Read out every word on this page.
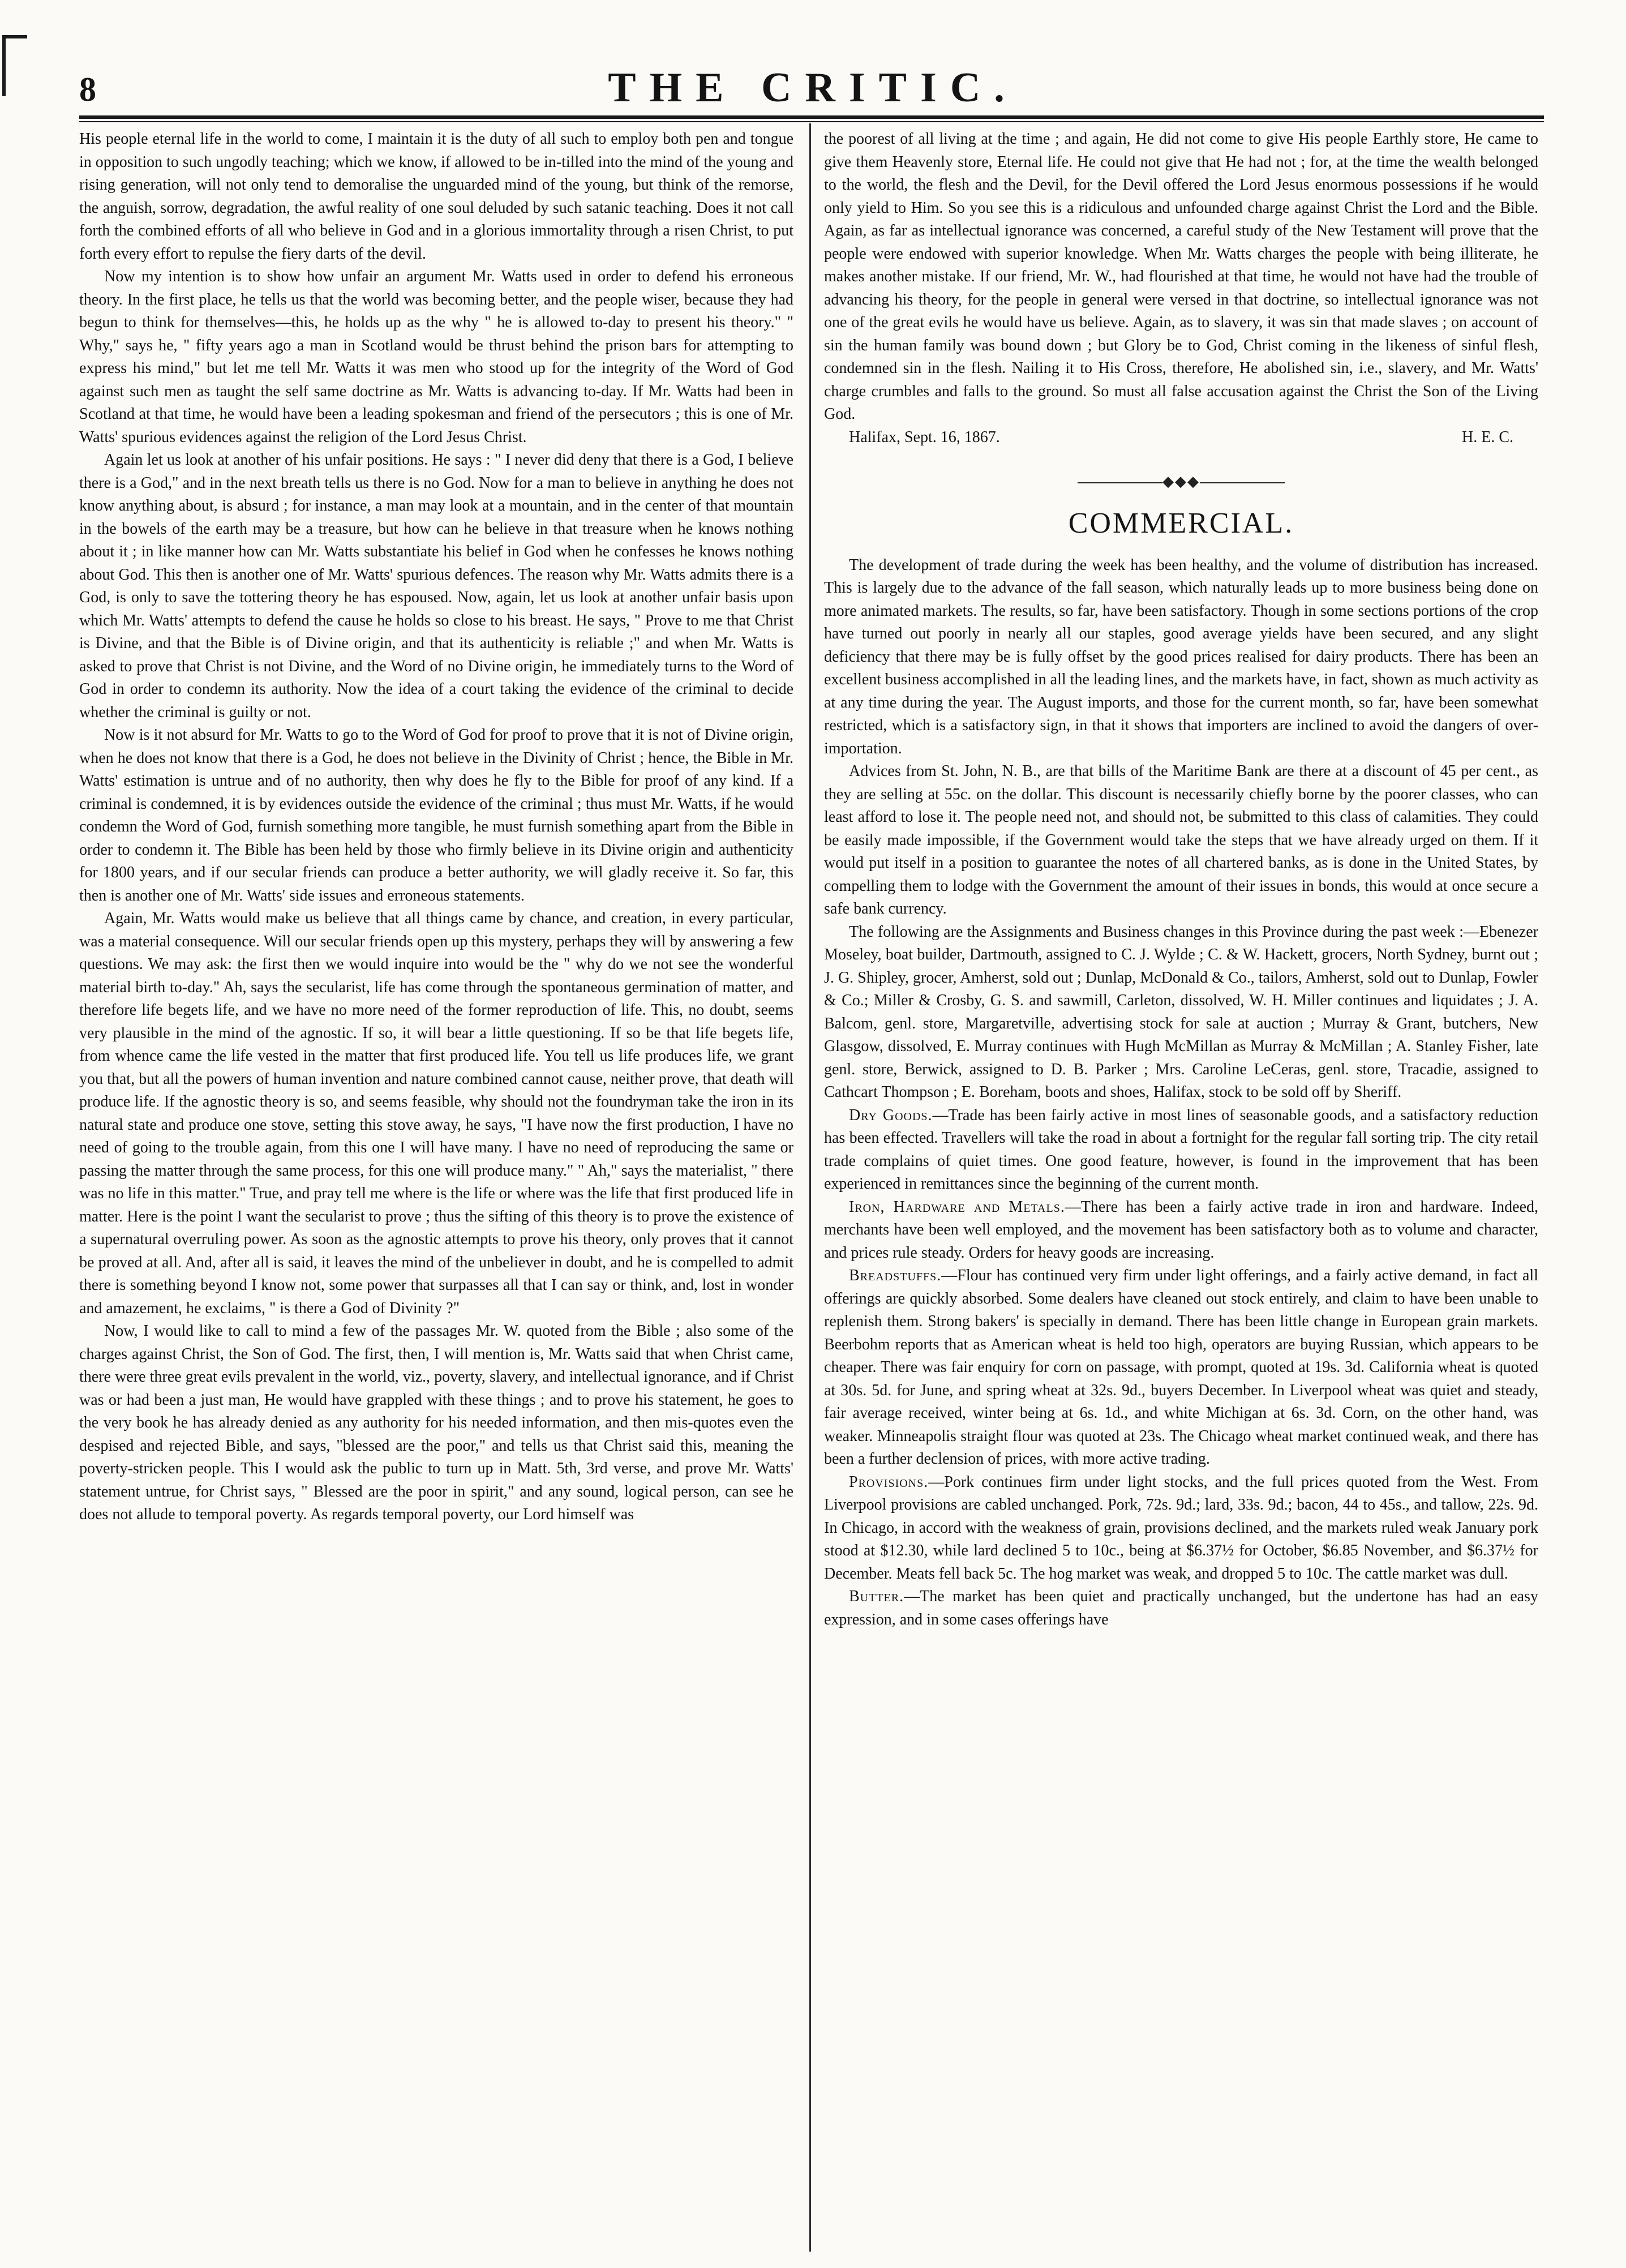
8	THE CRITIC.

His people eternal life in the world to come, I maintain it is the duty of all such to employ both pen and tongue in opposition to such ungodly teaching; which we know, if allowed to be in-tilled into the mind of the young and rising generation, will not only tend to demoralise the unguarded mind of the young, but think of the remorse, the anguish, sorrow, degradation, the awful reality of one soul deluded by such satanic teaching. Does it not call forth the combined efforts of all who believe in God and in a glorious immortality through a risen Christ, to put forth every effort to repulse the fiery darts of the devil.

Now my intention is to show how unfair an argument Mr. Watts used in order to defend his erroneous theory. In the first place, he tells us that the world was becoming better, and the people wiser, because they had begun to think for themselves—this, he holds up as the why " he is allowed to-day to present his theory." " Why," says he, " fifty years ago a man in Scotland would be thrust behind the prison bars for attempting to express his mind," but let me tell Mr. Watts it was men who stood up for the integrity of the Word of God against such men as taught the self same doctrine as Mr. Watts is advancing to-day. If Mr. Watts had been in Scotland at that time, he would have been a leading spokesman and friend of the persecutors ; this is one of Mr. Watts' spurious evidences against the religion of the Lord Jesus Christ.

Again let us look at another of his unfair positions. He says : " I never did deny that there is a God, I believe there is a God," and in the next breath tells us there is no God. Now for a man to believe in anything he does not know anything about, is absurd ; for instance, a man may look at a mountain, and in the center of that mountain in the bowels of the earth may be a treasure, but how can he believe in that treasure when he knows nothing about it ; in like manner how can Mr. Watts substantiate his belief in God when he confesses he knows nothing about God. This then is another one of Mr. Watts' spurious defences. The reason why Mr. Watts admits there is a God, is only to save the tottering theory he has espoused. Now, again, let us look at another unfair basis upon which Mr. Watts' attempts to defend the cause he holds so close to his breast. He says, " Prove to me that Christ is Divine, and that the Bible is of Divine origin, and that its authenticity is reliable ;" and when Mr. Watts is asked to prove that Christ is not Divine, and the Word of no Divine origin, he immediately turns to the Word of God in order to condemn its authority. Now the idea of a court taking the evidence of the criminal to decide whether the criminal is guilty or not.

Now is it not absurd for Mr. Watts to go to the Word of God for proof to prove that it is not of Divine origin, when he does not know that there is a God, he does not believe in the Divinity of Christ ; hence, the Bible in Mr. Watts' estimation is untrue and of no authority, then why does he fly to the Bible for proof of any kind. If a criminal is condemned, it is by evidences outside the evidence of the criminal ; thus must Mr. Watts, if he would condemn the Word of God, furnish something more tangible, he must furnish something apart from the Bible in order to condemn it. The Bible has been held by those who firmly believe in its Divine origin and authenticity for 1800 years, and if our secular friends can produce a better authority, we will gladly receive it. So far, this then is another one of Mr. Watts' side issues and erroneous statements.

Again, Mr. Watts would make us believe that all things came by chance, and creation, in every particular, was a material consequence. Will our secular friends open up this mystery, perhaps they will by answering a few questions. We may ask: the first then we would inquire into would be the " why do we not see the wonderful material birth to-day." Ah, says the secularist, life has come through the spontaneous germination of matter, and therefore life begets life, and we have no more need of the former reproduction of life. This, no doubt, seems very plausible in the mind of the agnostic. If so, it will bear a little questioning. If so be that life begets life, from whence came the life vested in the matter that first produced life. You tell us life produces life, we grant you that, but all the powers of human invention and nature combined cannot cause, neither prove, that death will produce life. If the agnostic theory is so, and seems feasible, why should not the foundryman take the iron in its natural state and produce one stove, setting this stove away, he says, "I have now the first production, I have no need of going to the trouble again, from this one I will have many. I have no need of reproducing the same or passing the matter through the same process, for this one will produce many." " Ah," says the materialist, " there was no life in this matter." True, and pray tell me where is the life or where was the life that first produced life in matter. Here is the point I want the secularist to prove ; thus the sifting of this theory is to prove the existence of a supernatural overruling power. As soon as the agnostic attempts to prove his theory, only proves that it cannot be proved at all. And, after all is said, it leaves the mind of the unbeliever in doubt, and he is compelled to admit there is something beyond I know not, some power that surpasses all that I can say or think, and, lost in wonder and amazement, he exclaims, " is there a God of Divinity ?"

Now, I would like to call to mind a few of the passages Mr. W. quoted from the Bible ; also some of the charges against Christ, the Son of God. The first, then, I will mention is, Mr. Watts said that when Christ came, there were three great evils prevalent in the world, viz., poverty, slavery, and intellectual ignorance, and if Christ was or had been a just man, He would have grappled with these things ; and to prove his statement, he goes to the very book he has already denied as any authority for his needed information, and then mis-quotes even the despised and rejected Bible, and says, "blessed are the poor," and tells us that Christ said this, meaning the poverty-stricken people. This I would ask the public to turn up in Matt. 5th, 3rd verse, and prove Mr. Watts' statement untrue, for Christ says, " Blessed are the poor in spirit," and any sound, logical person, can see he does not allude to temporal poverty. As regards temporal poverty, our Lord himself was

the poorest of all living at the time ; and again, He did not come to give His people Earthly store, He came to give them Heavenly store, Eternal life. He could not give that He had not ; for, at the time the wealth belonged to the world, the flesh and the Devil, for the Devil offered the Lord Jesus enormous possessions if he would only yield to Him. So you see this is a ridiculous and unfounded charge against Christ the Lord and the Bible. Again, as far as intellectual ignorance was concerned, a careful study of the New Testament will prove that the people were endowed with superior knowledge. When Mr. Watts charges the people with being illiterate, he makes another mistake. If our friend, Mr. W., had flourished at that time, he would not have had the trouble of advancing his theory, for the people in general were versed in that doctrine, so intellectual ignorance was not one of the great evils he would have us believe. Again, as to slavery, it was sin that made slaves ; on account of sin the human family was bound down ; but Glory be to God, Christ coming in the likeness of sinful flesh, condemned sin in the flesh. Nailing it to His Cross, therefore, He abolished sin, i.e., slavery, and Mr. Watts' charge crumbles and falls to the ground. So must all false accusation against the Christ the Son of the Living God.

Halifax, Sept. 16, 1867.	H. E. C.
◆◆◆
COMMERCIAL.

The development of trade during the week has been healthy, and the volume of distribution has increased. This is largely due to the advance of the fall season, which naturally leads up to more business being done on more animated markets. The results, so far, have been satisfactory. Though in some sections portions of the crop have turned out poorly in nearly all our staples, good average yields have been secured, and any slight deficiency that there may be is fully offset by the good prices realised for dairy products. There has been an excellent business accomplished in all the leading lines, and the markets have, in fact, shown as much activity as at any time during the year. The August imports, and those for the current month, so far, have been somewhat restricted, which is a satisfactory sign, in that it shows that importers are inclined to avoid the dangers of over-importation.

Advices from St. John, N. B., are that bills of the Maritime Bank are there at a discount of 45 per cent., as they are selling at 55c. on the dollar. This discount is necessarily chiefly borne by the poorer classes, who can least afford to lose it. The people need not, and should not, be submitted to this class of calamities. They could be easily made impossible, if the Government would take the steps that we have already urged on them. If it would put itself in a position to guarantee the notes of all chartered banks, as is done in the United States, by compelling them to lodge with the Government the amount of their issues in bonds, this would at once secure a safe bank currency.

The following are the Assignments and Business changes in this Province during the past week :—Ebenezer Moseley, boat builder, Dartmouth, assigned to C. J. Wylde ; C. & W. Hackett, grocers, North Sydney, burnt out ; J. G. Shipley, grocer, Amherst, sold out ; Dunlap, McDonald & Co., tailors, Amherst, sold out to Dunlap, Fowler & Co.; Miller & Crosby, G. S. and sawmill, Carleton, dissolved, W. H. Miller continues and liquidates ; J. A. Balcom, genl. store, Margaretville, advertising stock for sale at auction ; Murray & Grant, butchers, New Glasgow, dissolved, E. Murray continues with Hugh McMillan as Murray & McMillan ; A. Stanley Fisher, late genl. store, Berwick, assigned to D. B. Parker ; Mrs. Caroline LeCeras, genl. store, Tracadie, assigned to Cathcart Thompson ; E. Boreham, boots and shoes, Halifax, stock to be sold off by Sheriff.

Dry Goods.—Trade has been fairly active in most lines of seasonable goods, and a satisfactory reduction has been effected. Travellers will take the road in about a fortnight for the regular fall sorting trip. The city retail trade complains of quiet times. One good feature, however, is found in the improvement that has been experienced in remittances since the beginning of the current month.

Iron, Hardware and Metals.—There has been a fairly active trade in iron and hardware. Indeed, merchants have been well employed, and the movement has been satisfactory both as to volume and character, and prices rule steady. Orders for heavy goods are increasing.

Breadstuffs.—Flour has continued very firm under light offerings, and a fairly active demand, in fact all offerings are quickly absorbed. Some dealers have cleaned out stock entirely, and claim to have been unable to replenish them. Strong bakers' is specially in demand. There has been little change in European grain markets. Beerbohm reports that as American wheat is held too high, operators are buying Russian, which appears to be cheaper. There was fair enquiry for corn on passage, with prompt, quoted at 19s. 3d. California wheat is quoted at 30s. 5d. for June, and spring wheat at 32s. 9d., buyers December. In Liverpool wheat was quiet and steady, fair average received, winter being at 6s. 1d., and white Michigan at 6s. 3d. Corn, on the other hand, was weaker. Minneapolis straight flour was quoted at 23s. The Chicago wheat market continued weak, and there has been a further declension of prices, with more active trading.

Provisions.—Pork continues firm under light stocks, and the full prices quoted from the West. From Liverpool provisions are cabled unchanged. Pork, 72s. 9d.; lard, 33s. 9d.; bacon, 44 to 45s., and tallow, 22s. 9d. In Chicago, in accord with the weakness of grain, provisions declined, and the markets ruled weak January pork stood at $12.30, while lard declined 5 to 10c., being at $6.37½ for October, $6.85 November, and $6.37½ for December. Meats fell back 5c. The hog market was weak, and dropped 5 to 10c. The cattle market was dull.

Butter.—The market has been quiet and practically unchanged, but the undertone has had an easy expression, and in some cases offerings have
